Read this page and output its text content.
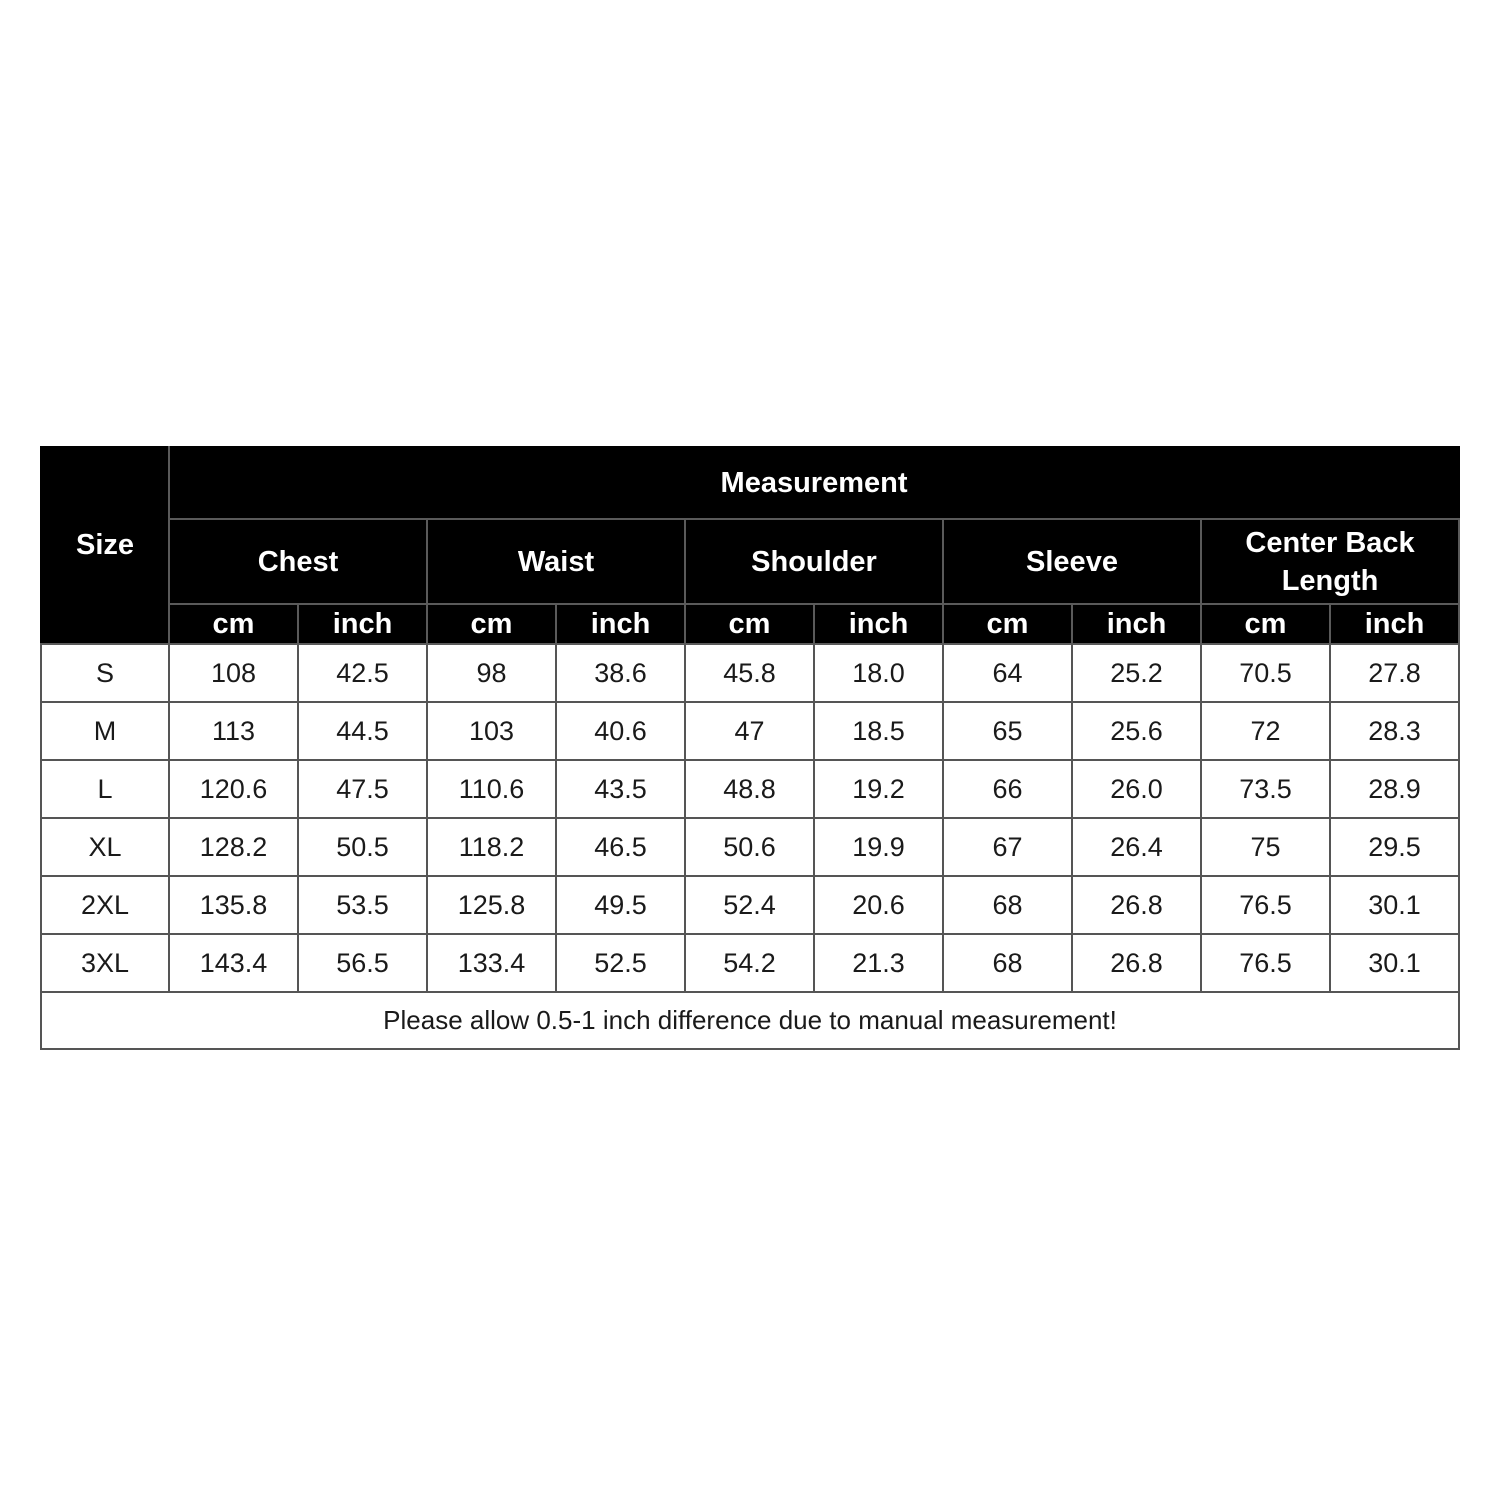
Size	Measurement									
	Chest		Waist		Shoulder		Sleeve		Center Back
Length	
	cm	inch	cm	inch	cm	inch	cm	inch	cm	inch
S	108	42.5	98	38.6	45.8	18.0	64	25.2	70.5	27.8
M	113	44.5	103	40.6	47	18.5	65	25.6	72	28.3
L	120.6	47.5	110.6	43.5	48.8	19.2	66	26.0	73.5	28.9
XL	128.2	50.5	118.2	46.5	50.6	19.9	67	26.4	75	29.5
2XL	135.8	53.5	125.8	49.5	52.4	20.6	68	26.8	76.5	30.1
3XL	143.4	56.5	133.4	52.5	54.2	21.3	68	26.8	76.5	30.1
Please allow 0.5-1 inch difference due to manual measurement!										
